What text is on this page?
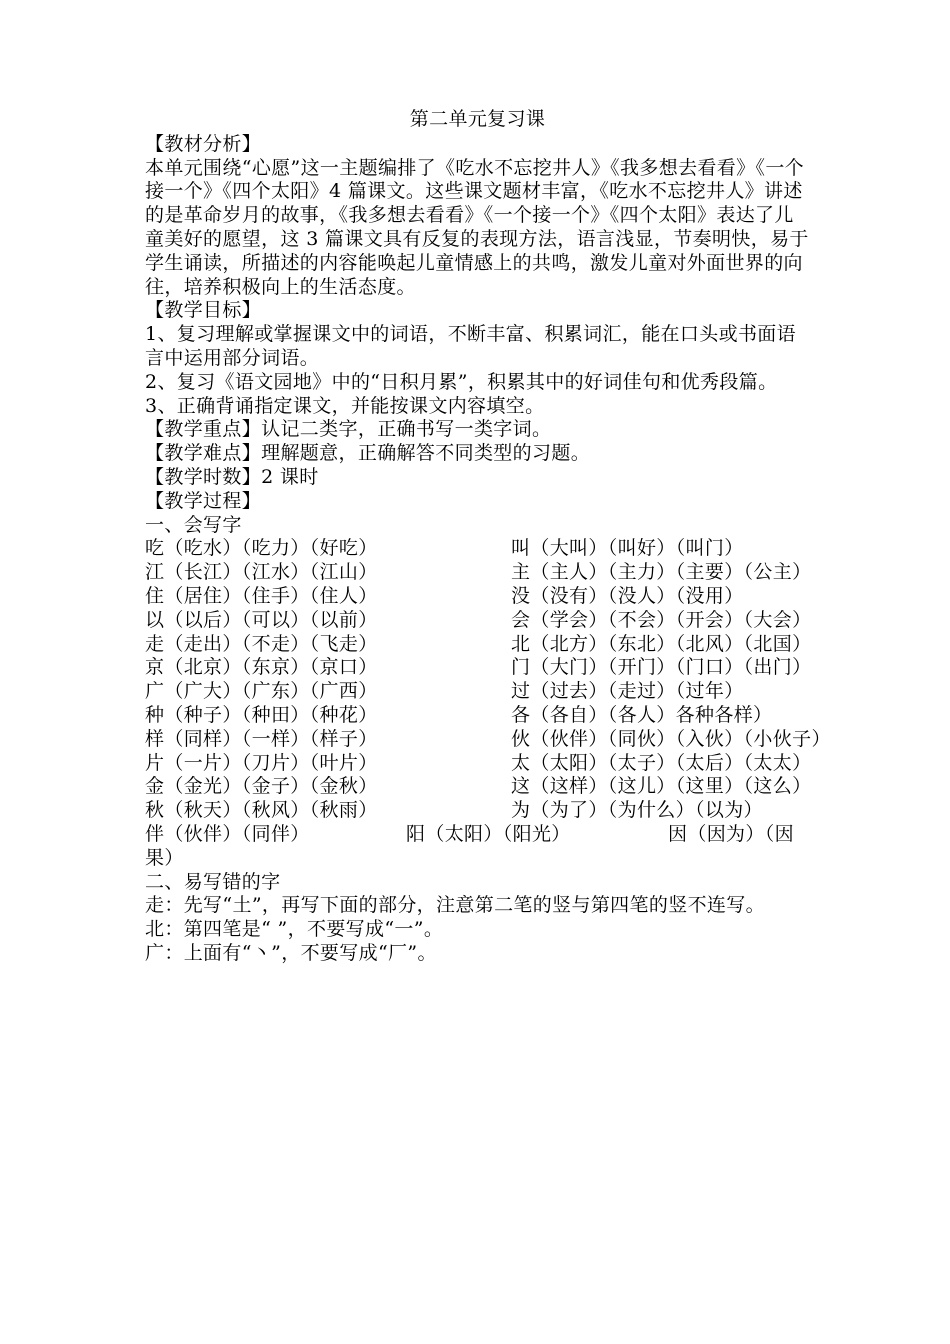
第二单元复习课
【教材分析】
本单元围绕“心愿”这一主题编排了《吃水不忘挖井人》《我多想去看看》《一个接一个》《四个太阳》4 篇课文。这些课文题材丰富，《吃水不忘挖井人》讲述的是革命岁月的故事，《我多想去看看》《一个接一个》《四个太阳》表达了儿童美好的愿望，这 3 篇课文具有反复的表现方法，语言浅显，节奏明快，易于学生诵读，所描述的内容能唤起儿童情感上的共鸣，激发儿童对外面世界的向往，培养积极向上的生活态度。
【教学目标】
1、复习理解或掌握课文中的词语，不断丰富、积累词汇，能在口头或书面语言中运用部分词语。
2、复习《语文园地》中的“日积月累”，积累其中的好词佳句和优秀段篇。
3、正确背诵指定课文，并能按课文内容填空。
【教学重点】认记二类字，正确书写一类字词。
【教学难点】理解题意，正确解答不同类型的习题。
【教学时数】2 课时
【教学过程】
一、会写字
吃（吃水）（吃力）（好吃）	叫（大叫）（叫好）（叫门）
江（长江）（江水）（江山）	主（主人）（主力）（主要）（公主）
住（居住）（住手）（住人）	没（没有）（没人）（没用）
以（以后）（可以）（以前）	会（学会）（不会）（开会）（大会）
走（走出）（不走）（飞走）	北（北方）（东北）（北风）（北国）
京（北京）（东京）（京口）	门（大门）（开门）（门口）（出门）
广（广大）（广东）（广西）	过（过去）（走过）（过年）
种（种子）（种田）（种花）	各（各自）（各人）各种各样）
样（同样）（一样）（样子）	伙（伙伴）（同伙）（入伙）（小伙子）
片（一片）（刀片）（叶片）	太（太阳）（太子）（太后）（太太）
金（金光）（金子）（金秋）	这（这样）（这儿）（这里）（这么）
秋（秋天）（秋风）（秋雨）	为（为了）（为什么）（以为）
伴（伙伴）（同伴）	阳（太阳）（阳光）	因（因为）（因果）
二、易写错的字
走：先写“土”，再写下面的部分，注意第二笔的竖与第四笔的竖不连写。
北：第四笔是“ ”，不要写成“一”。
广：上面有“丶”，不要写成“厂”。
